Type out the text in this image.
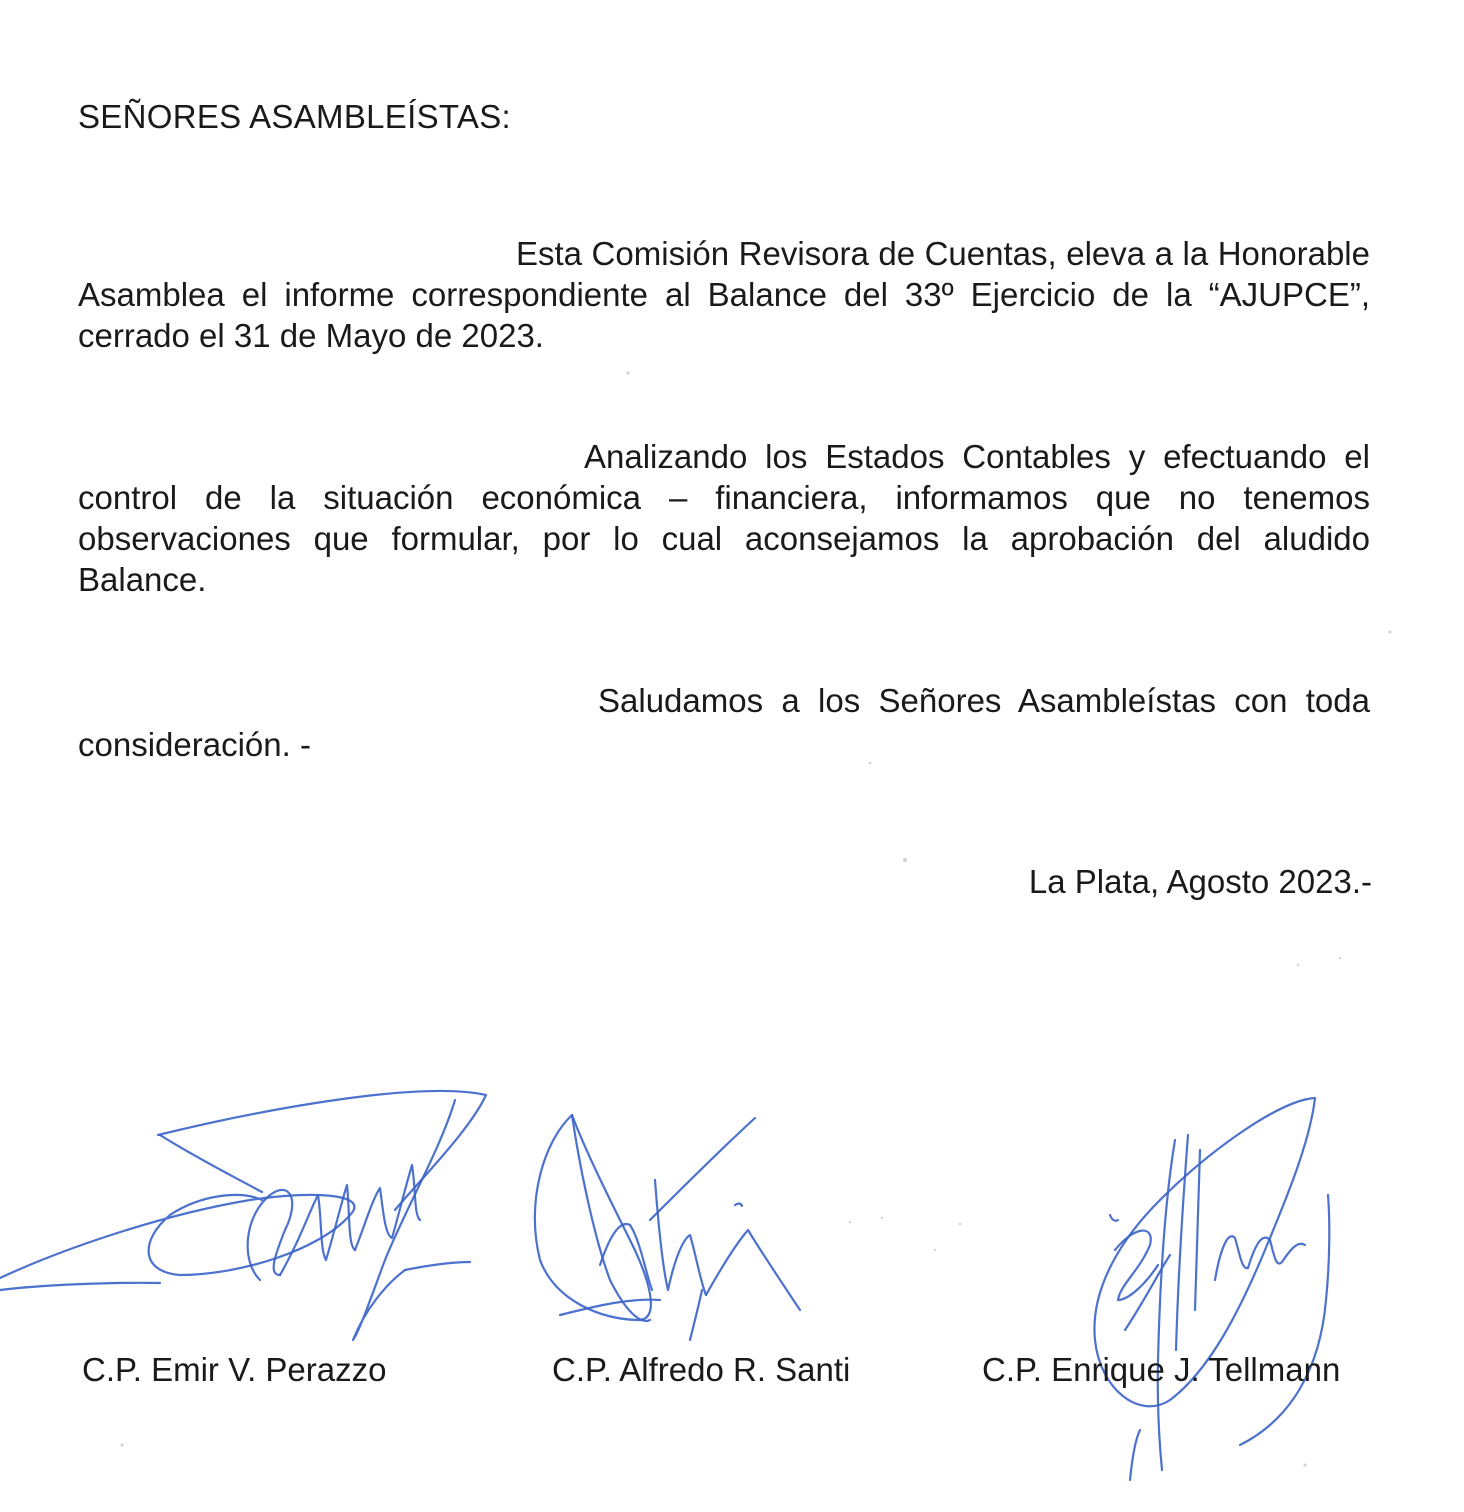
SEÑORES ASAMBLEÍSTAS:

Esta Comisión Revisora de Cuentas, eleva a la Honorable Asamblea el informe correspondiente al Balance del 33º Ejercicio de la “AJUPCE”, cerrado el 31 de Mayo de 2023.

Analizando los Estados Contables y efectuando el control de la situación económica – financiera, informamos que no tenemos observaciones que formular, por lo cual aconsejamos la aprobación del aludido Balance.

Saludamos a los Señores Asambleístas con toda consideración. -

La Plata, Agosto 2023.-
C.P. Emir V. Perazzo	C.P. Alfredo R. Santi	C.P. Enrique J. Tellmann
